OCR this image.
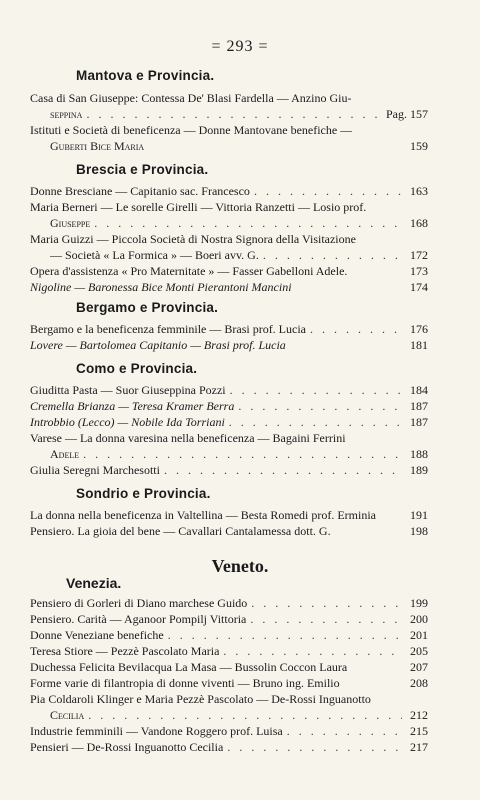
= 293 =
Mantova e Provincia.
Casa di San Giuseppe: Contessa De' Blasi Fardella — Anzino Giu-
seppina . . .	Pag. 157
Istituti e Società di beneficenza — Donne Mantovane benefiche —
Guberti Bice Maria	159
Brescia e Provincia.
Donne Bresciane — Capitanio sac. Francesco . . .	163
Maria Berneri — Le sorelle Girelli — Vittoria Ranzetti — Losio prof.
Giuseppe . . .	168
Maria Guizzi — Piccola Società di Nostra Signora della Visitazione
— Società « La Formica » — Boeri avv. G. . . .	172
Opera d'assistenza « Pro Maternitate » — Fasser Gabelloni Adele.	173
Nigoline — Baronessa Bice Monti Pierantoni Mancini	174
Bergamo e Provincia.
Bergamo e la beneficenza femminile — Brasi prof. Lucia . . .	176
Lovere — Bartolomea Capitanio — Brasi prof. Lucia	181
Como e Provincia.
Giuditta Pasta — Suor Giuseppina Pozzi . . .	184
Cremella Brianza — Teresa Kramer Berra . . .	187
Introbbio (Lecco) — Nobile Ida Torriani . . .	187
Varese — La donna varesina nella beneficenza — Bagaini Ferrini
Adele . . .	188
Giulia Seregni Marchesotti . . .	189
Sondrio e Provincia.
La donna nella beneficenza in Valtellina — Besta Romedi prof. Erminia	191
Pensiero. La gioia del bene — Cavallari Cantalamessa dott. G.	198
Veneto.
Venezia.
Pensiero di Gorleri di Diano marchese Guido . . .	199
Pensiero. Carità — Aganoor Pompilj Vittoria . . .	200
Donne Veneziane benefiche . . .	201
Teresa Stiore — Pezzè Pascolato Maria . . .	205
Duchessa Felicita Bevilacqua La Masa — Bussolin Coccon Laura	207
Forme varie di filantropia di donne viventi — Bruno ing. Emilio	208
Pia Coldaroli Klinger e Maria Pezzè Pascolato — De-Rossi Inguanotto
Cecilia . . .	212
Industrie femminili — Vandone Roggero prof. Luisa . . .	215
Pensieri — De-Rossi Inguanotto Cecilia . . .	217
